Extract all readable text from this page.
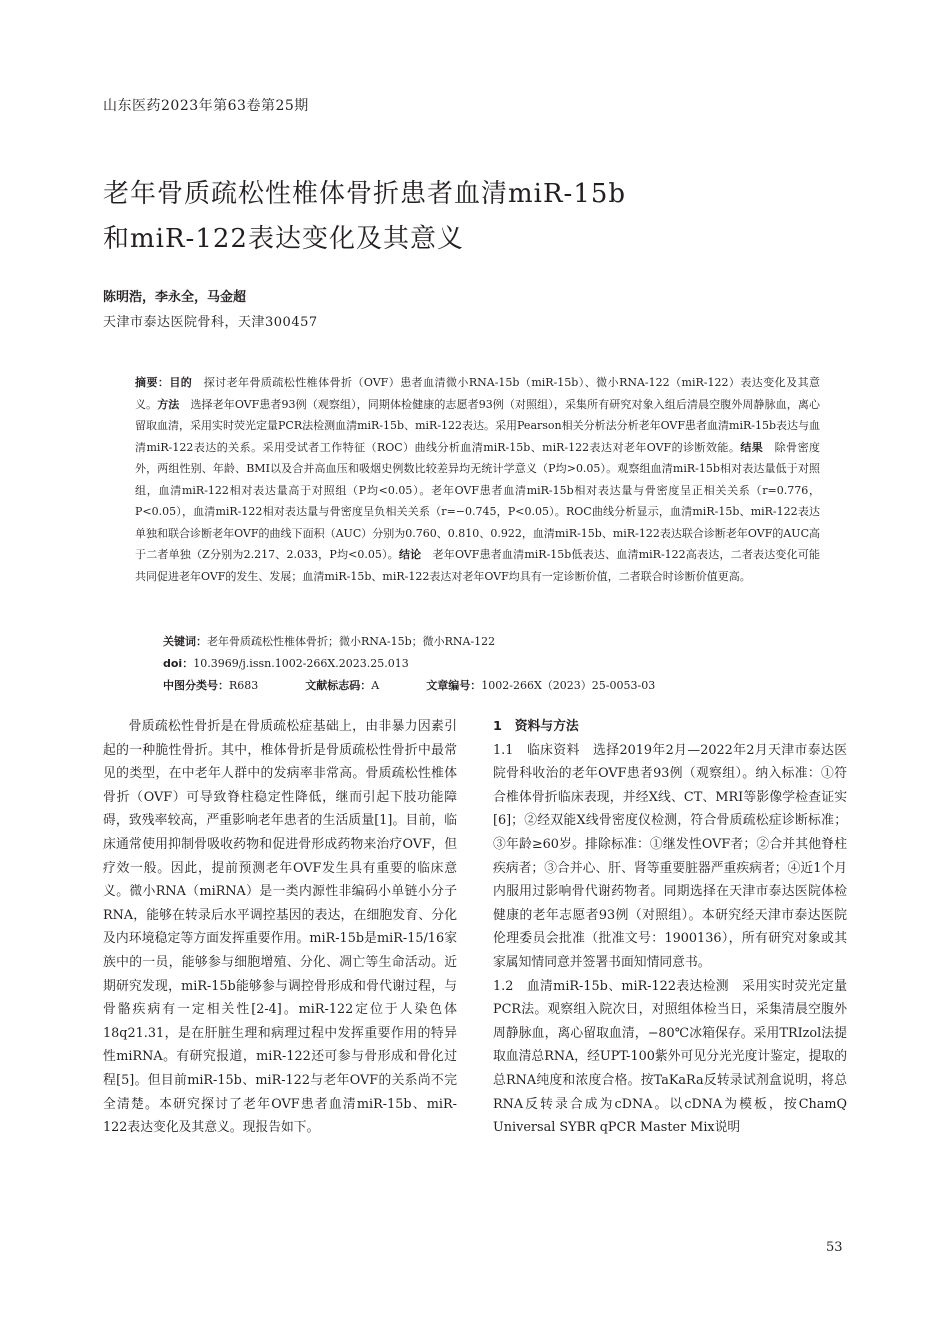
山东医药2023年第63卷第25期
老年骨质疏松性椎体骨折患者血清miR-15b
和miR-122表达变化及其意义
陈明浩，李永全，马金超
天津市泰达医院骨科，天津300457
摘要：目的　 探讨老年骨质疏松性椎体骨折（OVF）患者血清微小RNA-15b（miR-15b）、微小RNA-122（miR-122）表达变化及其意义。方法　 选择老年OVF患者93例（观察组），同期体检健康的志愿者93例（对照组），采集所有研究对象入组后清晨空腹外周静脉血，离心留取血清，采用实时荧光定量PCR法检测血清miR-15b、miR-122表达。采用Pearson相关分析法分析老年OVF患者血清miR-15b表达与血清miR-122表达的关系。采用受试者工作特征（ROC）曲线分析血清miR-15b、miR-122表达对老年OVF的诊断效能。结果　 除骨密度外，两组性别、年龄、BMI以及合并高血压和吸烟史例数比较差异均无统计学意义（P均>0.05）。观察组血清miR-15b相对表达量低于对照组，血清miR-122相对表达量高于对照组（P均<0.05）。老年OVF患者血清miR-15b相对表达量与骨密度呈正相关关系（r=0.776，P<0.05），血清miR-122相对表达量与骨密度呈负相关关系（r=−0.745，P<0.05）。ROC曲线分析显示，血清miR-15b、miR-122表达单独和联合诊断老年OVF的曲线下面积（AUC）分别为0.760、0.810、0.922，血清miR-15b、miR-122表达联合诊断老年OVF的AUC高于二者单独（Z分别为2.217、2.033，P均<0.05）。结论　 老年OVF患者血清miR-15b低表达、血清miR-122高表达，二者表达变化可能共同促进老年OVF的发生、发展；血清miR-15b、miR-122表达对老年OVF均具有一定诊断价值，二者联合时诊断价值更高。
关键词：老年骨质疏松性椎体骨折；微小RNA-15b；微小RNA-122
doi：10.3969/j.issn.1002-266X.2023.25.013
中图分类号：R683	文献标志码：A	文章编号：1002-266X（2023）25-0053-03

骨质疏松性骨折是在骨质疏松症基础上，由非暴力因素引起的一种脆性骨折。其中，椎体骨折是骨质疏松性骨折中最常见的类型，在中老年人群中的发病率非常高。骨质疏松性椎体骨折（OVF）可导致脊柱稳定性降低，继而引起下肢功能障碍，致残率较高，严重影响老年患者的生活质量[1]。目前，临床通常使用抑制骨吸收药物和促进骨形成药物来治疗OVF，但疗效一般。因此，提前预测老年OVF发生具有重要的临床意义。微小RNA（miRNA）是一类内源性非编码小单链小分子RNA，能够在转录后水平调控基因的表达，在细胞发育、分化及内环境稳定等方面发挥重要作用。miR-15b是miR-15/16家族中的一员，能够参与细胞增殖、分化、凋亡等生命活动。近期研究发现，miR-15b能够参与调控骨形成和骨代谢过程，与骨骼疾病有一定相关性[2-4]。miR-122定位于人染色体18q21.31，是在肝脏生理和病理过程中发挥重要作用的特异性miRNA。有研究报道，miR-122还可参与骨形成和骨化过程[5]。但目前miR-15b、miR-122与老年OVF的关系尚不完全清楚。本研究探讨了老年OVF患者血清miR-15b、miR-122表达变化及其意义。现报告如下。

1　资料与方法

1.1　临床资料　选择2019年2月—2022年2月天津市泰达医院骨科收治的老年OVF患者93例（观察组）。纳入标准：①符合椎体骨折临床表现，并经X线、CT、MRI等影像学检查证实[6]；②经双能X线骨密度仪检测，符合骨质疏松症诊断标准；③年龄≥60岁。排除标准：①继发性OVF者；②合并其他脊柱疾病者；③合并心、肝、肾等重要脏器严重疾病者；④近1个月内服用过影响骨代谢药物者。同期选择在天津市泰达医院体检健康的老年志愿者93例（对照组）。本研究经天津市泰达医院伦理委员会批准（批准文号：1900136），所有研究对象或其家属知情同意并签署书面知情同意书。

1.2　血清miR-15b、miR-122表达检测　采用实时荧光定量PCR法。观察组入院次日，对照组体检当日，采集清晨空腹外周静脉血，离心留取血清，−80℃冰箱保存。采用TRIzol法提取血清总RNA，经UPT-100紫外可见分光光度计鉴定，提取的总RNA纯度和浓度合格。按TaKaRa反转录试剂盒说明，将总RNA反转录合成为cDNA。以cDNA为模板，按ChamQ Universal SYBR qPCR Master Mix说明

53
